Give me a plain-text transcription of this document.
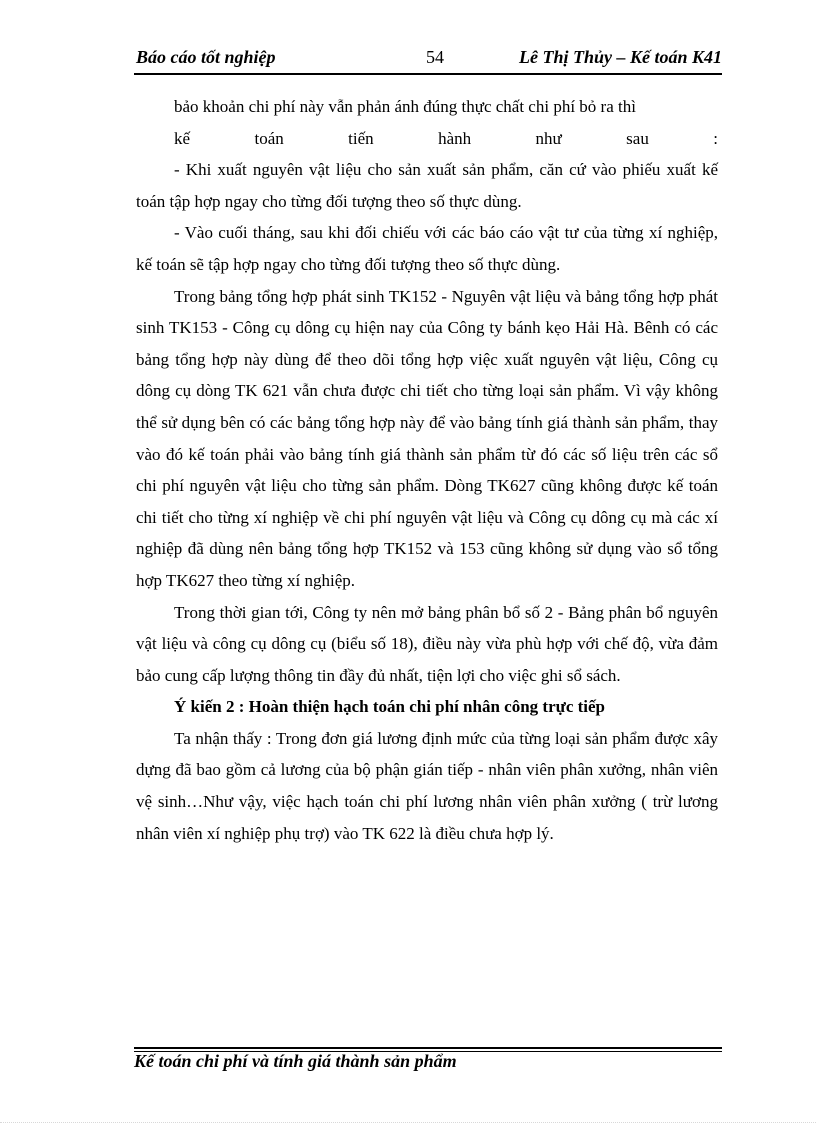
Báo cáo tốt nghiệp	54	Lê Thị Thủy – Kế toán K41

bảo khoản chi phí này vẫn phản ánh đúng thực chất chi phí bỏ ra thì

kế toán tiến hành như sau :

- Khi xuất nguyên vật liệu cho sản xuất sản phẩm, căn cứ vào phiếu xuất kế toán tập hợp ngay cho từng đối tượng theo số thực dùng.

- Vào cuối tháng, sau khi đối chiếu với các báo cáo vật tư của từng xí nghiệp, kế toán sẽ tập hợp ngay cho từng đối tượng theo số thực dùng.

Trong bảng tổng hợp phát sinh TK152 - Nguyên vật liệu và bảng tổng hợp phát sinh TK153 - Công cụ dông cụ hiện nay của Công ty bánh kẹo Hải Hà. Bênh có các bảng tổng hợp này dùng để theo dõi tổng hợp việc xuất nguyên vật liệu, Công cụ dông cụ dòng TK 621 vẫn chưa được chi tiết cho từng loại sản phẩm. Vì vậy không thể sử dụng bên có các bảng tổng hợp này để vào bảng tính giá thành sản phẩm, thay vào đó kế toán phải vào bảng tính giá thành sản phẩm từ đó các số liệu trên các sổ chi phí nguyên vật liệu cho từng sản phẩm. Dòng TK627 cũng không được kế toán chi tiết cho từng xí nghiệp về chi phí nguyên vật liệu và Công cụ dông cụ mà các xí nghiệp đã dùng nên bảng tổng hợp TK152 và 153 cũng không sử dụng vào sổ tổng hợp TK627 theo từng xí nghiệp.

Trong thời gian tới, Công ty nên mở bảng phân bổ số 2 - Bảng phân bổ nguyên vật liệu và công cụ dông cụ (biểu số 18), điều này vừa phù hợp với chế độ, vừa đảm bảo cung cấp lượng thông tin đầy đủ nhất, tiện lợi cho việc ghi sổ sách.

Ý kiến 2 : Hoàn thiện hạch toán chi phí nhân công trực tiếp

Ta nhận thấy : Trong đơn giá lương định mức của từng loại sản phẩm được xây dựng đã bao gồm cả lương của bộ phận gián tiếp - nhân viên phân xưởng, nhân viên vệ sinh…Như vậy, việc hạch toán chi phí lương nhân viên phân xưởng ( trừ lương nhân viên xí nghiệp phụ trợ) vào TK 622 là điều chưa hợp lý.

Kế toán chi phí và tính giá thành sản phẩm
